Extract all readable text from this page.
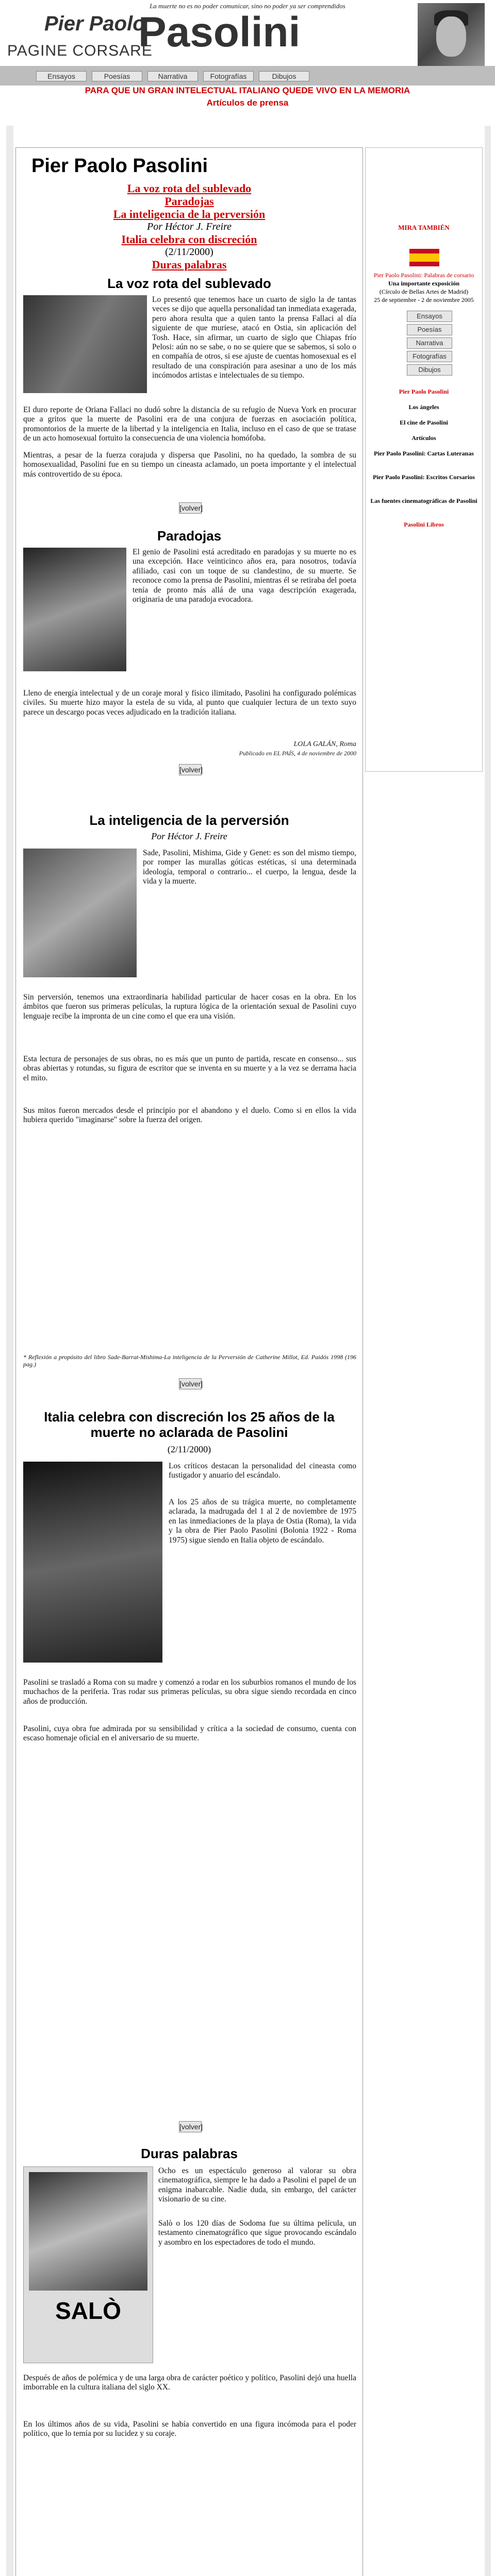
La muerte no es no poder comunicar, sino no poder ya ser comprendidos
Pier Paolo
Pasolini
PAGINE CORSARE
Ensayos	Poesías	Narrativa	Fotografías	Dibujos
PARA QUE UN GRAN INTELECTUAL ITALIANO QUEDE VIVO EN LA MEMORIA
Artículos de prensa
Pier Paolo Pasolini
La voz rota del sublevado
Paradojas
La inteligencia de la perversión
Por Héctor J. Freire
Italia celebra con discreción
(2/11/2000)
Duras palabras
La voz rota del sublevado
Lo presentó que tenemos hace un cuarto de siglo la de tantas veces se dijo que aquella personalidad tan inmediata exagerada, pero ahora resulta que a quien tanto la prensa Fallaci al día siguiente de que muriese, atacó en Ostia, sin aplicación del Tosh. Hace, sin afirmar, un cuarto de siglo que Chiapas frío Pelosi: aún no se sabe, o no se quiere que se sabemos, si solo o en compañía de otros, si ese ajuste de cuentas homosexual es el resultado de una conspiración para asesinar a uno de los más incómodos artistas e intelectuales de su tiempo.
El duro reporte de Oriana Fallaci no dudó sobre la distancia de su refugio de Nueva York en procurar que a gritos que la muerte de Pasolini era de una conjura de fuerzas en asociación política, promontorios de la muerte de la libertad y la inteligencia en Italia, incluso en el caso de que se tratase de un acto homosexual fortuito la consecuencia de una violencia homófoba.
Mientras, a pesar de la fuerza corajuda y dispersa que Pasolini, no ha quedado, la sombra de su homosexualidad, Pasolini fue en su tiempo un cineasta aclamado, un poeta importante y el intelectual más controvertido de su época.
[volver]
Paradojas
El genio de Pasolini está acreditado en paradojas y su muerte no es una excepción. Hace veinticinco años era, para nosotros, todavía afiliado, casi con un toque de su clandestino, de su muerte. Se reconoce como la prensa de Pasolini, mientras él se retiraba del poeta tenía de pronto más allá de una vaga descripción exagerada, originaria de una paradoja evocadora.
Lleno de energía intelectual y de un coraje moral y físico ilimitado, Pasolini ha configurado polémicas civiles. Su muerte hizo mayor la estela de su vida, al punto que cualquier lectura de un texto suyo parece un descargo pocas veces adjudicado en la tradición italiana.
LOLA GALÁN, Roma
Publicado en EL PAÍS, 4 de noviembre de 2000
[volver]
La inteligencia de la perversión
Por Héctor J. Freire
Sade, Pasolini, Mishima, Gide y Genet: es son del mismo tiempo, por romper las murallas góticas estéticas, si una determinada ideología, temporal o contrario... el cuerpo, la lengua, desde la vida y la muerte.
Sin perversión, tenemos una extraordinaria habilidad particular de hacer cosas en la obra. En los ámbitos que fueron sus primeras películas, la ruptura lógica de la orientación sexual de Pasolini cuyo lenguaje recibe la impronta de un cine como el que era una visión.
Esta lectura de personajes de sus obras, no es más que un punto de partida, rescate en consenso... sus obras abiertas y rotundas, su figura de escritor que se inventa en su muerte y a la vez se derrama hacia el mito.
Sus mitos fueron mercados desde el principio por el abandono y el duelo. Como si en ellos la vida hubiera querido "imaginarse" sobre la fuerza del origen.
* Reflexión a propósito del libro Sade-Barrat-Mishima-La inteligencia de la Perversión de Catherine Millot, Ed. Paidós 1998 (196 pag.)
[volver]
Italia celebra con discreción los 25 años de la muerte no aclarada de Pasolini
(2/11/2000)
Los críticos destacan la personalidad del cineasta como fustigador y anuario del escándalo.
A los 25 años de su trágica muerte, no completamente aclarada, la madrugada del 1 al 2 de noviembre de 1975 en las inmediaciones de la playa de Ostia (Roma), la vida y la obra de Pier Paolo Pasolini (Bolonia 1922 - Roma 1975) sigue siendo en Italia objeto de escándalo.
Pasolini se trasladó a Roma con su madre y comenzó a rodar en los suburbios romanos el mundo de los muchachos de la periferia. Tras rodar sus primeras películas, su obra sigue siendo recordada en cinco años de producción.
Pasolini, cuya obra fue admirada por su sensibilidad y crítica a la sociedad de consumo, cuenta con escaso homenaje oficial en el aniversario de su muerte.
[volver]
Duras palabras
SALÒ
Ocho es un espectáculo generoso al valorar su obra cinematográfica, siempre le ha dado a Pasolini el papel de un enigma inabarcable. Nadie duda, sin embargo, del carácter visionario de su cine.
Salò o los 120 días de Sodoma fue su última película, un testamento cinematográfico que sigue provocando escándalo y asombro en los espectadores de todo el mundo.
Después de años de polémica y de una larga obra de carácter poético y político, Pasolini dejó una huella imborrable en la cultura italiana del siglo XX.
En los últimos años de su vida, Pasolini se había convertido en una figura incómoda para el poder político, que lo temía por su lucidez y su coraje.
MIRA TAMBIÉN
Pier Paolo Pasolini: Palabras de corsario
Una importante exposición
(Círculo de Bellas Artes de Madrid)
25 de septiembre - 2 de noviembre 2005
Ensayos
Poesías
Narrativa
Fotografías
Dibujos
Pier Paolo Pasolini
Los ángeles
El cine de Pasolini
Artículos
Pier Paolo Pasolini: Cartas Luteranas
Pier Paolo Pasolini: Escritos Corsarios
Las fuentes cinematográficas de Pasolini
Pasolini Libros
